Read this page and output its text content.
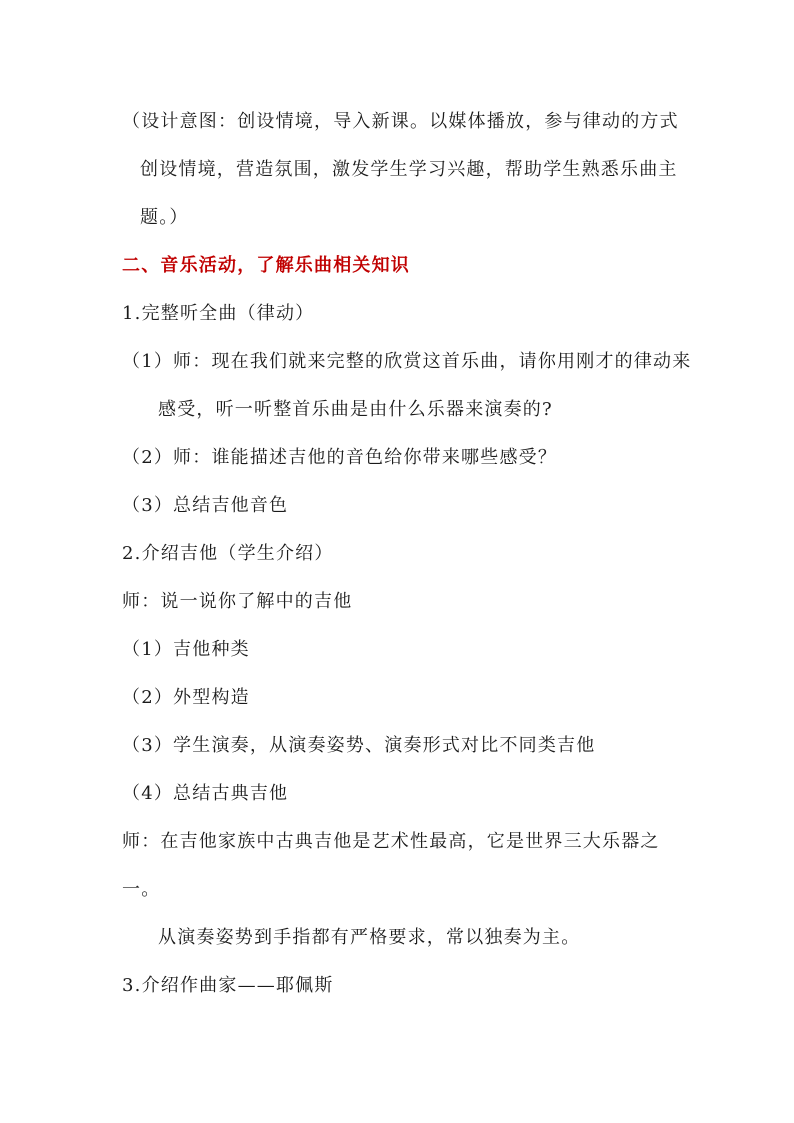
（设计意图：创设情境，导入新课。以媒体播放，参与律动的方式
创设情境，营造氛围，激发学生学习兴趣，帮助学生熟悉乐曲主
题。）
二、音乐活动，了解乐曲相关知识
1.完整听全曲（律动）
（1）师：现在我们就来完整的欣赏这首乐曲，请你用刚才的律动来
感受，听一听整首乐曲是由什么乐器来演奏的?
（2）师：谁能描述吉他的音色给你带来哪些感受？
（3）总结吉他音色
2.介绍吉他（学生介绍）
师：说一说你了解中的吉他
（1）吉他种类
（2）外型构造
（3）学生演奏，从演奏姿势、演奏形式对比不同类吉他
（4）总结古典吉他
师：在吉他家族中古典吉他是艺术性最高，它是世界三大乐器之
一。
从演奏姿势到手指都有严格要求，常以独奏为主。
3.介绍作曲家——耶佩斯
